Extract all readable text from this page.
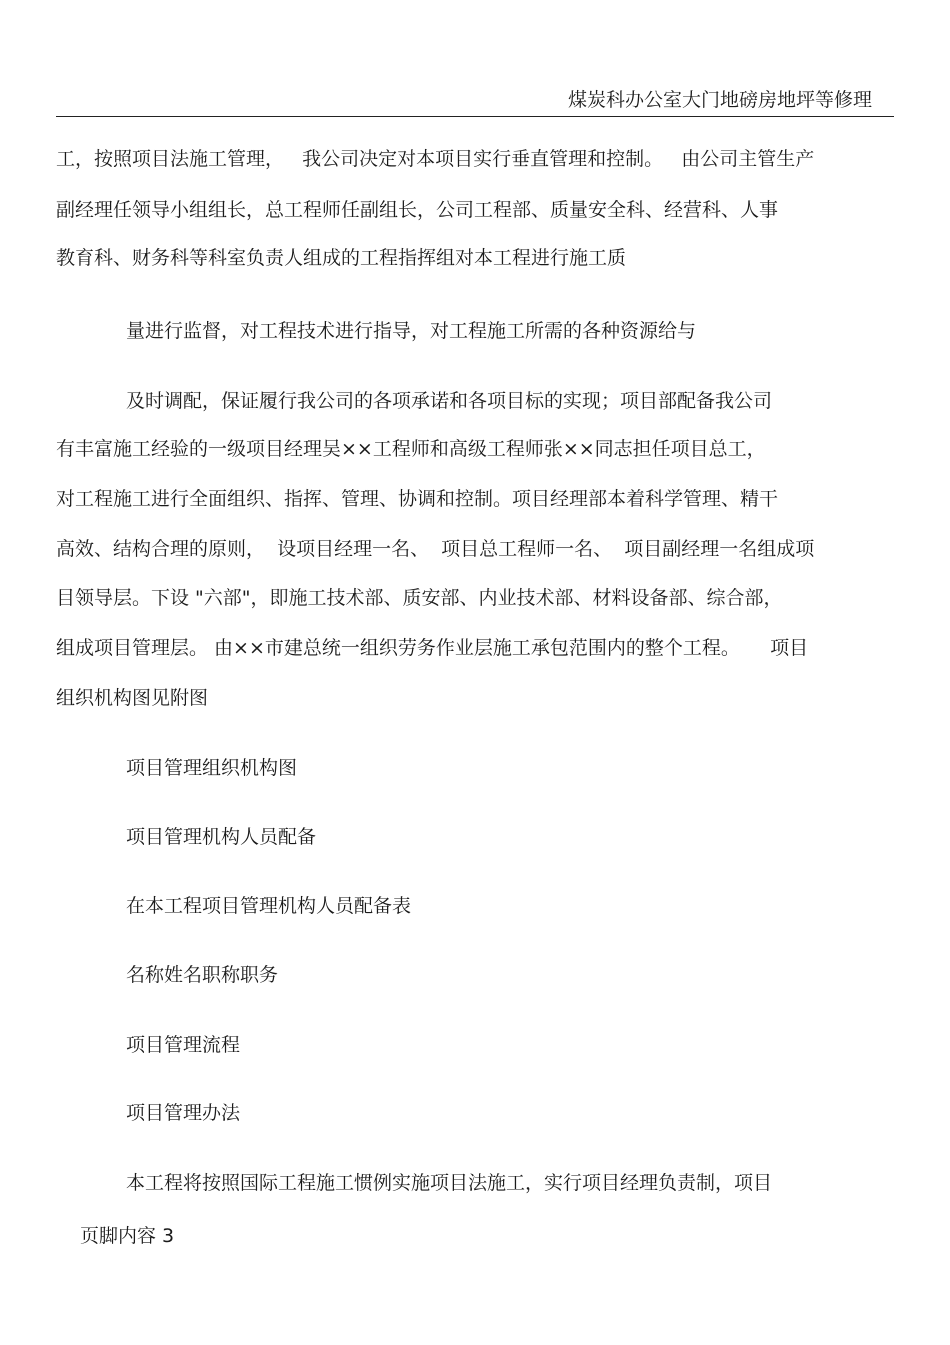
煤炭科办公室大门地磅房地坪等修理
工，按照项目法施工管理，   我公司决定对本项目实行垂直管理和控制。   由公司主管生产
副经理任领导小组组长，总工程师任副组长，公司工程部、质量安全科、经营科、人事
教育科、财务科等科室负责人组成的工程指挥组对本工程进行施工质
量进行监督，对工程技术进行指导，对工程施工所需的各种资源给与
及时调配，保证履行我公司的各项承诺和各项目标的实现；项目部配备我公司
有丰富施工经验的一级项目经理吴××工程师和高级工程师张××同志担任项目总工，
对工程施工进行全面组织、指挥、管理、协调和控制。项目经理部本着科学管理、精干
高效、结构合理的原则，  设项目经理一名、  项目总工程师一名、  项目副经理一名组成项
目领导层。下设 "六部"，即施工技术部、质安部、内业技术部、材料设备部、综合部，
组成项目管理层。 由××市建总统一组织劳务作业层施工承包范围内的整个工程。     项目
组织机构图见附图
项目管理组织机构图
项目管理机构人员配备
在本工程项目管理机构人员配备表
名称姓名职称职务
项目管理流程
项目管理办法
本工程将按照国际工程施工惯例实施项目法施工，实行项目经理负责制，项目
页脚内容 3
